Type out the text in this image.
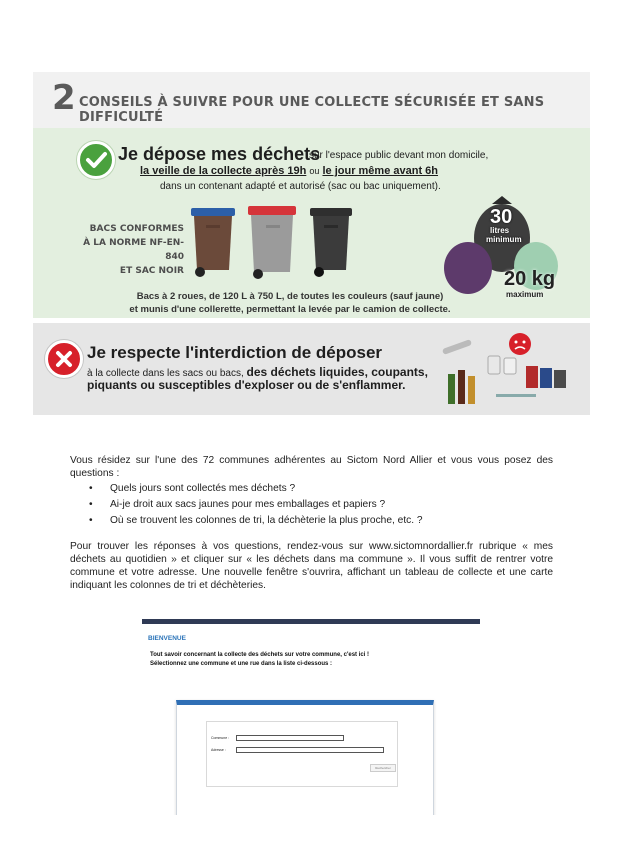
2 CONSEILS À SUIVRE POUR UNE COLLECTE SÉCURISÉE ET SANS DIFFICULTÉ
Je dépose mes déchets
sur l'espace public devant mon domicile,
la veille de la collecte après 19h ou le jour même avant 6h
dans un contenant adapté et autorisé (sac ou bac uniquement).
BACS CONFORMES
À LA NORME NF-EN-840
ET SAC NOIR
30
litres
minimum
20 kg
maximum
Bacs à 2 roues, de 120 L à 750 L, de toutes les couleurs (sauf jaune)
et munis d'une collerette, permettant la levée par le camion de collecte.
Je respecte l'interdiction de déposer
à la collecte dans les sacs ou bacs, des déchets liquides, coupants,
piquants ou susceptibles d'exploser ou de s'enflammer.
Vous résidez sur l'une des 72 communes adhérentes au Sictom Nord Allier et vous vous posez des questions :
• Quels jours sont collectés mes déchets ?
• Ai-je droit aux sacs jaunes pour mes emballages et papiers ?
• Où se trouvent les colonnes de tri, la déchèterie la plus proche, etc. ?
Pour trouver les réponses à vos questions, rendez-vous sur www.sictomnordallier.fr rubrique « mes déchets au quotidien » et cliquer sur « les déchets dans ma commune ». Il vous suffit de rentrer votre commune et votre adresse. Une nouvelle fenêtre s'ouvrira, affichant un tableau de collecte et une carte indiquant les colonnes de tri et déchèteries.
BIENVENUE
Tout savoir concernant la collecte des déchets sur votre commune, c'est ici !
Sélectionnez une commune et une rue dans la liste ci-dessous :
Commune :
Adresse :
Rechercher
